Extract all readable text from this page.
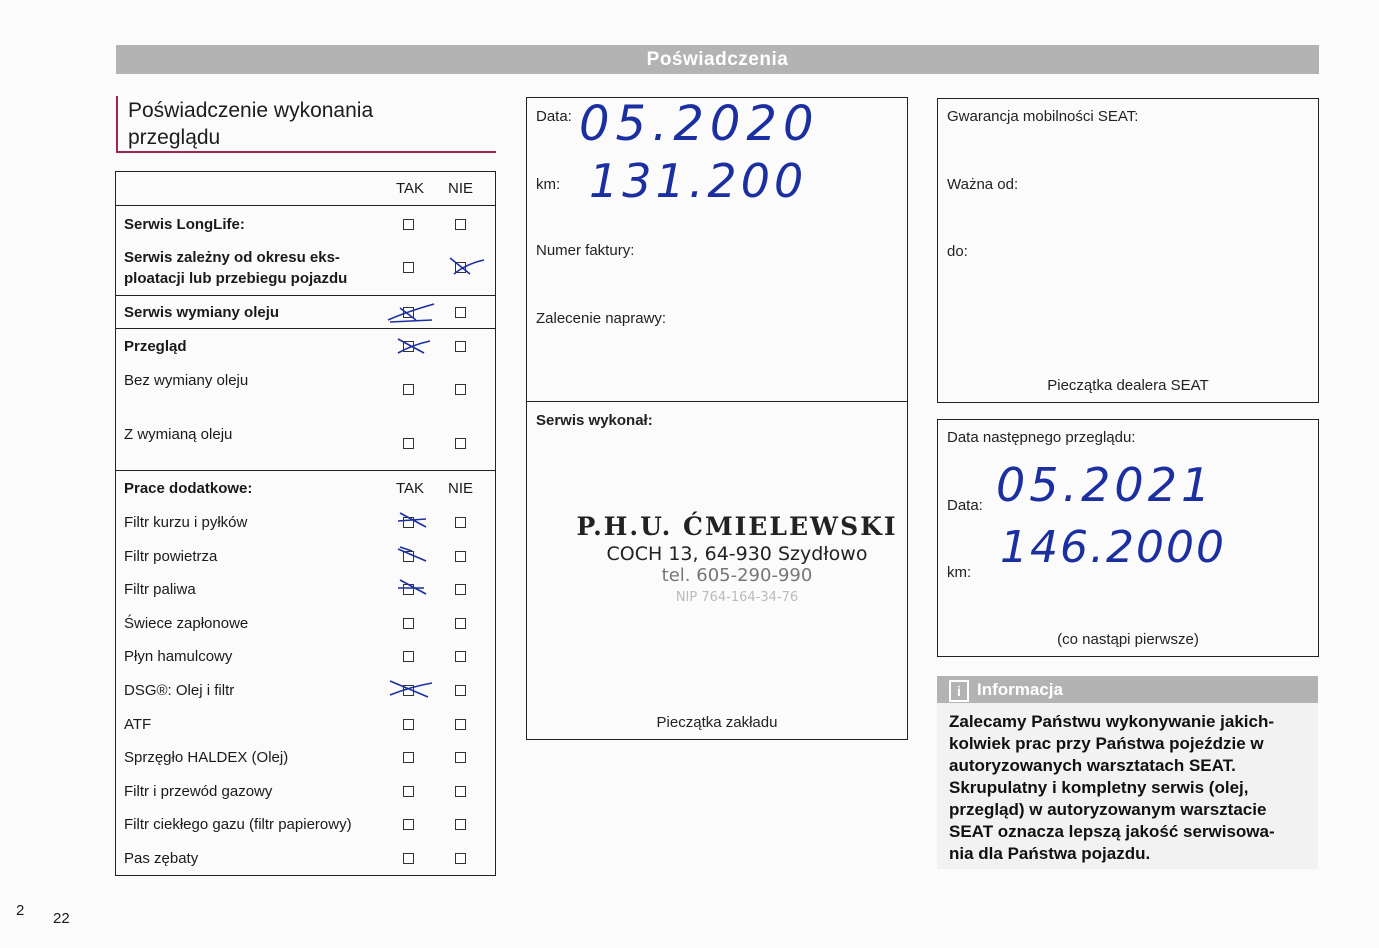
Poświadczenia
Poświadczenie wykonania
przeglądu
TAK NIE
Serwis LongLife:
Serwis zależny od okresu eks-
ploatacji lub przebiegu pojazdu
Serwis wymiany oleju
Przegląd
Bez wymiany oleju
Z wymianą oleju
Prace dodatkowe:	TAK NIE
Filtr kurzu i pyłków
Filtr powietrza
Filtr paliwa
Świece zapłonowe
Płyn hamulcowy
DSG®: Olej i filtr
ATF
Sprzęgło HALDEX (Olej)
Filtr i przewód gazowy
Filtr ciekłego gazu (filtr papierowy)
Pas zębaty
Data: 05.2020
km: 131.200
Numer faktury:
Zalecenie naprawy:
Serwis wykonał:
P.H.U. ĆMIELEWSKI
COCH 13, 64-930 Szydłowo
tel. 605-290-990
NIP 764-164-34-76
Pieczątka zakładu
Gwarancja mobilności SEAT:
Ważna od:
do:
Pieczątka dealera SEAT
Data następnego przeglądu:
Data: 05.2021
km: 146.2000
(co nastąpi pierwsze)
i Informacja
Zalecamy Państwu wykonywanie jakich-
kolwiek prac przy Państwa pojeździe w
autoryzowanych warsztatach SEAT.
Skrupulatny i kompletny serwis (olej,
przegląd) w autoryzowanym warsztacie
SEAT oznacza lepszą jakość serwisowa-
nia dla Państwa pojazdu.
2 22
